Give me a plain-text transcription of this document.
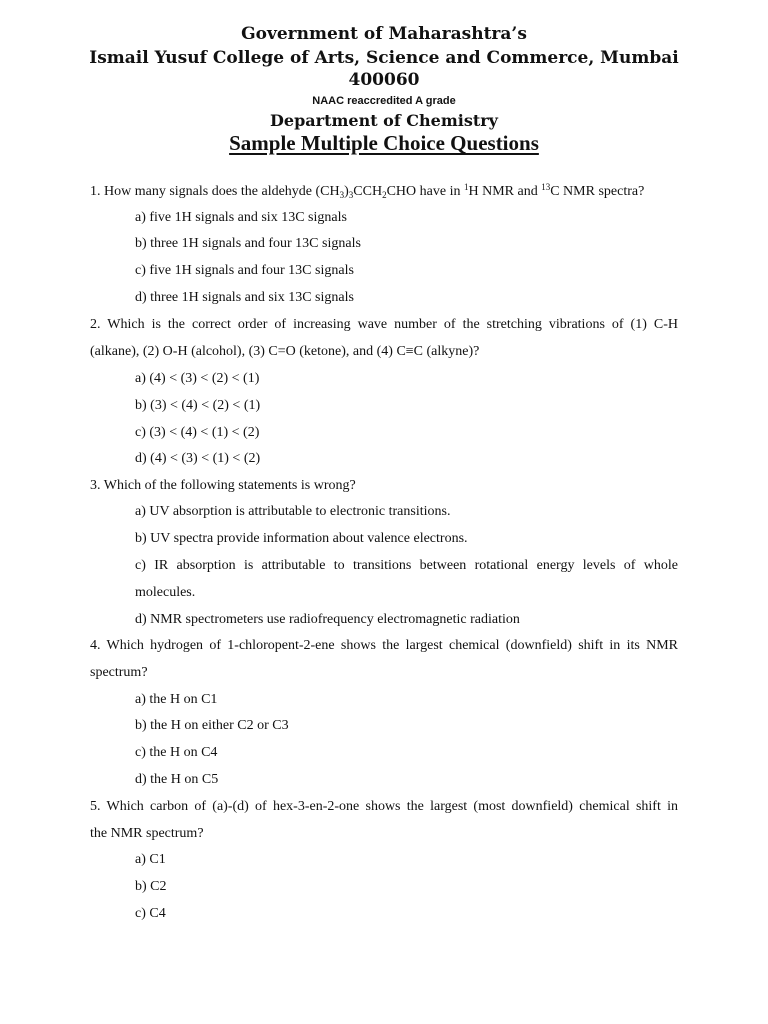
Government of Maharashtra’s
Ismail Yusuf College of Arts, Science and Commerce, Mumbai
400060
NAAC reaccredited A grade
Department of Chemistry
Sample Multiple Choice Questions
1. How many signals does the aldehyde $(CH_3)_3CCH_2CHO$ have in $^1$H NMR and $^{13}$C NMR spectra?
a) five 1H signals and six 13C signals
b) three 1H signals and four 13C signals
c) five 1H signals and four 13C signals
d) three 1H signals and six 13C signals
2. Which is the correct order of increasing wave number of the stretching vibrations of (1) C-H
(alkane), (2) O-H (alcohol), (3) C=O (ketone), and (4) C≡C (alkyne)?
a) (4) < (3) < (2) < (1)
b) (3) < (4) < (2) < (1)
c) (3) < (4) < (1) < (2)
d) (4) < (3) < (1) < (2)
3. Which of the following statements is wrong?
a) UV absorption is attributable to electronic transitions.
b) UV spectra provide information about valence electrons.
c) IR absorption is attributable to transitions between rotational energy levels of whole
molecules.
d) NMR spectrometers use radiofrequency electromagnetic radiation
4. Which hydrogen of 1-chloropent-2-ene shows the largest chemical (downfield) shift in its NMR
spectrum?
a) the H on C1
b) the H on either C2 or C3
c) the H on C4
d) the H on C5
5. Which carbon of (a)-(d) of hex-3-en-2-one shows the largest (most downfield) chemical shift in
the NMR spectrum?
a) C1
b) C2
c) C4
